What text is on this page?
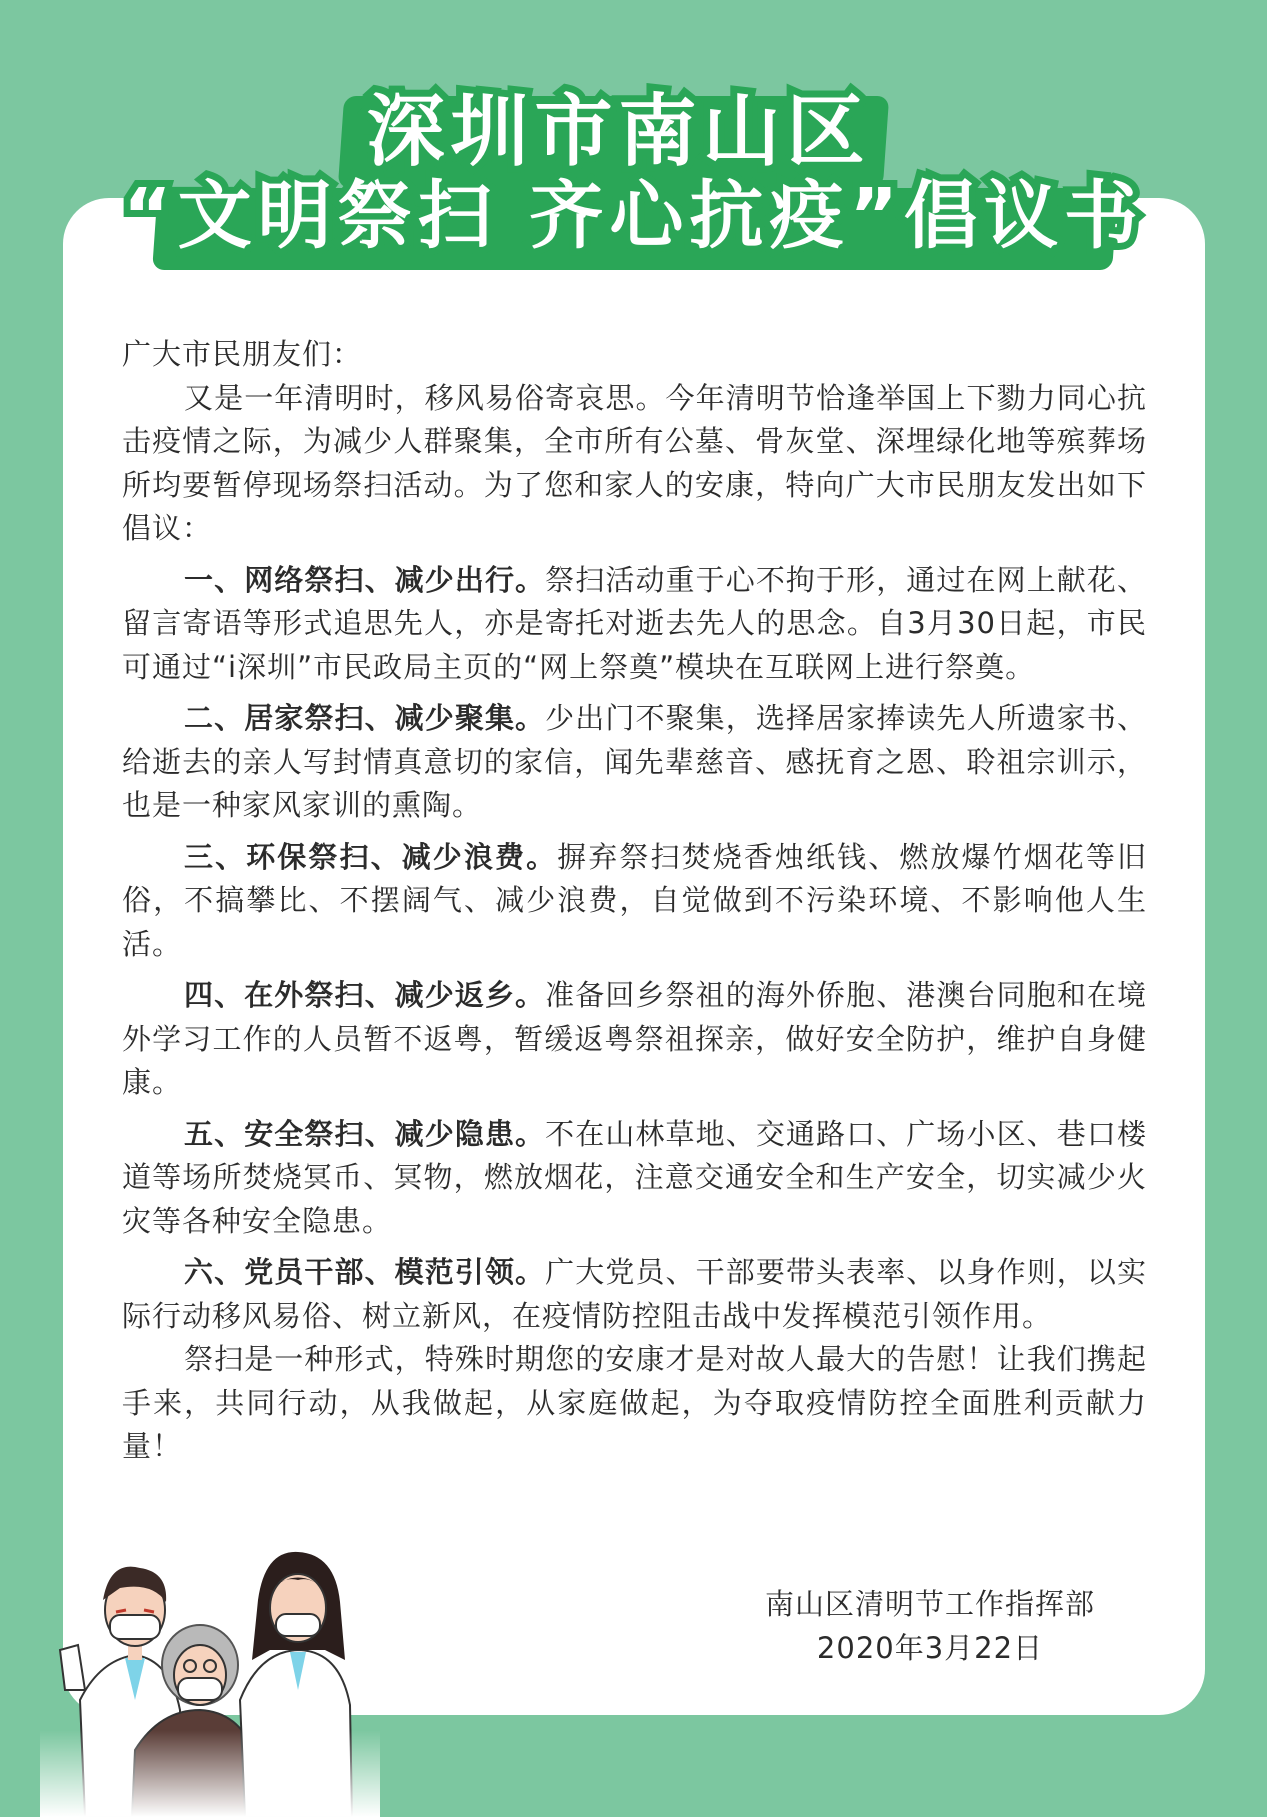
深圳市南山区
“文明祭扫 齐心抗疫”倡议书

广大市民朋友们：

又是一年清明时，移风易俗寄哀思。今年清明节恰逢举国上下勠力同心抗击疫情之际，为减少人群聚集，全市所有公墓、骨灰堂、深埋绿化地等殡葬场所均要暂停现场祭扫活动。为了您和家人的安康，特向广大市民朋友发出如下倡议：

一、网络祭扫、减少出行。祭扫活动重于心不拘于形，通过在网上献花、留言寄语等形式追思先人，亦是寄托对逝去先人的思念。自3月30日起，市民可通过“i深圳”市民政局主页的“网上祭奠”模块在互联网上进行祭奠。

二、居家祭扫、减少聚集。少出门不聚集，选择居家捧读先人所遗家书、给逝去的亲人写封情真意切的家信，闻先辈慈音、感抚育之恩、聆祖宗训示，也是一种家风家训的熏陶。

三、环保祭扫、减少浪费。摒弃祭扫焚烧香烛纸钱、燃放爆竹烟花等旧俗，不搞攀比、不摆阔气、减少浪费，自觉做到不污染环境、不影响他人生活。

四、在外祭扫、减少返乡。准备回乡祭祖的海外侨胞、港澳台同胞和在境外学习工作的人员暂不返粤，暂缓返粤祭祖探亲，做好安全防护，维护自身健康。

五、安全祭扫、减少隐患。不在山林草地、交通路口、广场小区、巷口楼道等场所焚烧冥币、冥物，燃放烟花，注意交通安全和生产安全，切实减少火灾等各种安全隐患。

六、党员干部、模范引领。广大党员、干部要带头表率、以身作则，以实际行动移风易俗、树立新风，在疫情防控阻击战中发挥模范引领作用。

祭扫是一种形式，特殊时期您的安康才是对故人最大的告慰！让我们携起手来，共同行动，从我做起，从家庭做起，为夺取疫情防控全面胜利贡献力量！

南山区清明节工作指挥部
2020年3月22日
